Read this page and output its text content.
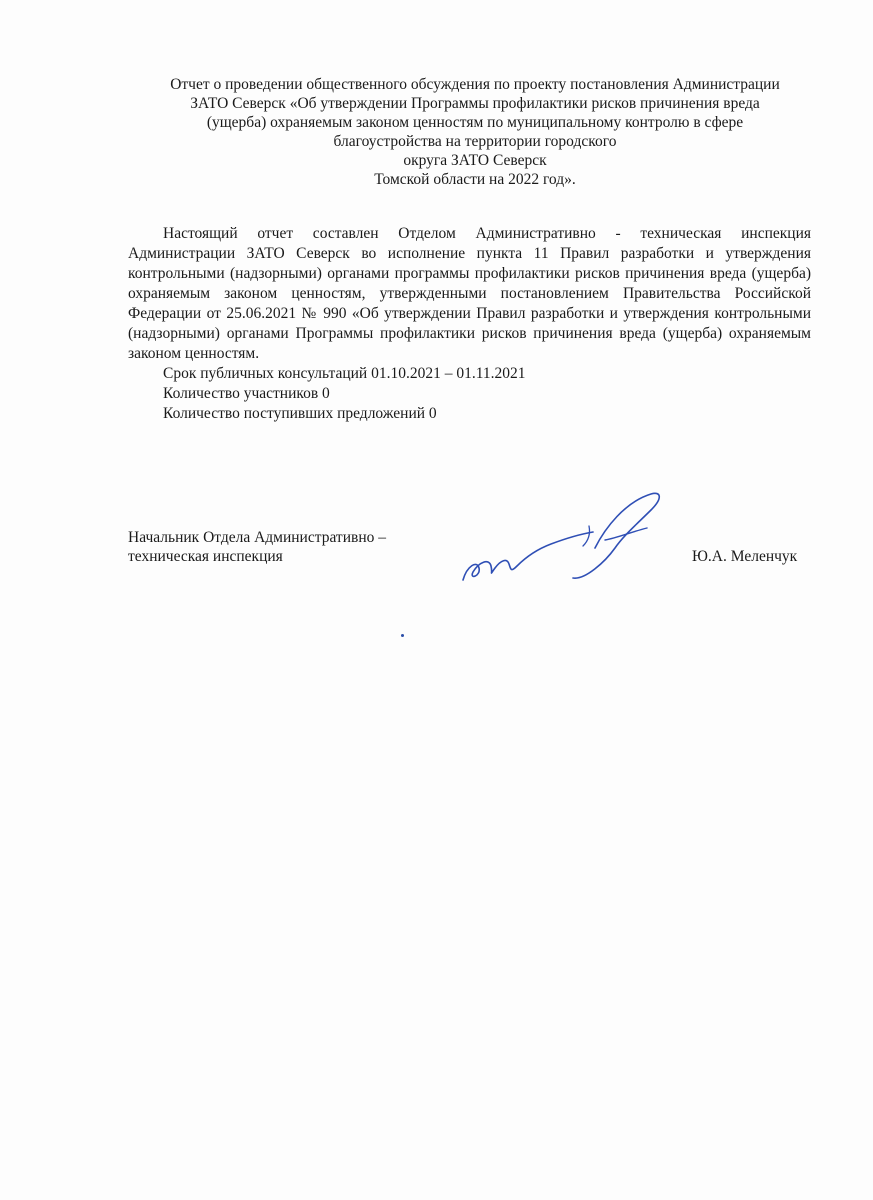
Отчет о проведении общественного обсуждения по проекту постановления Администрации
ЗАТО Северск «Об утверждении Программы профилактики рисков причинения вреда
(ущерба) охраняемым законом ценностям по муниципальному контролю в сфере
благоустройства на территории городского
округа ЗАТО Северск
Томской области на 2022 год».

Настоящий отчет составлен Отделом Административно - техническая инспекция Администрации ЗАТО Северск во исполнение пункта 11 Правил разработки и утверждения контрольными (надзорными) органами программы профилактики рисков причинения вреда (ущерба) охраняемым законом ценностям, утвержденными постановлением Правительства Российской Федерации от 25.06.2021 № 990 «Об утверждении Правил разработки и утверждения контрольными (надзорными) органами Программы профилактики рисков причинения вреда (ущерба) охраняемым законом ценностям.

Срок публичных консультаций 01.10.2021 – 01.11.2021

Количество участников 0

Количество поступивших предложений 0

Начальник Отдела Административно –
техническая инспекция	Ю.А. Меленчук
